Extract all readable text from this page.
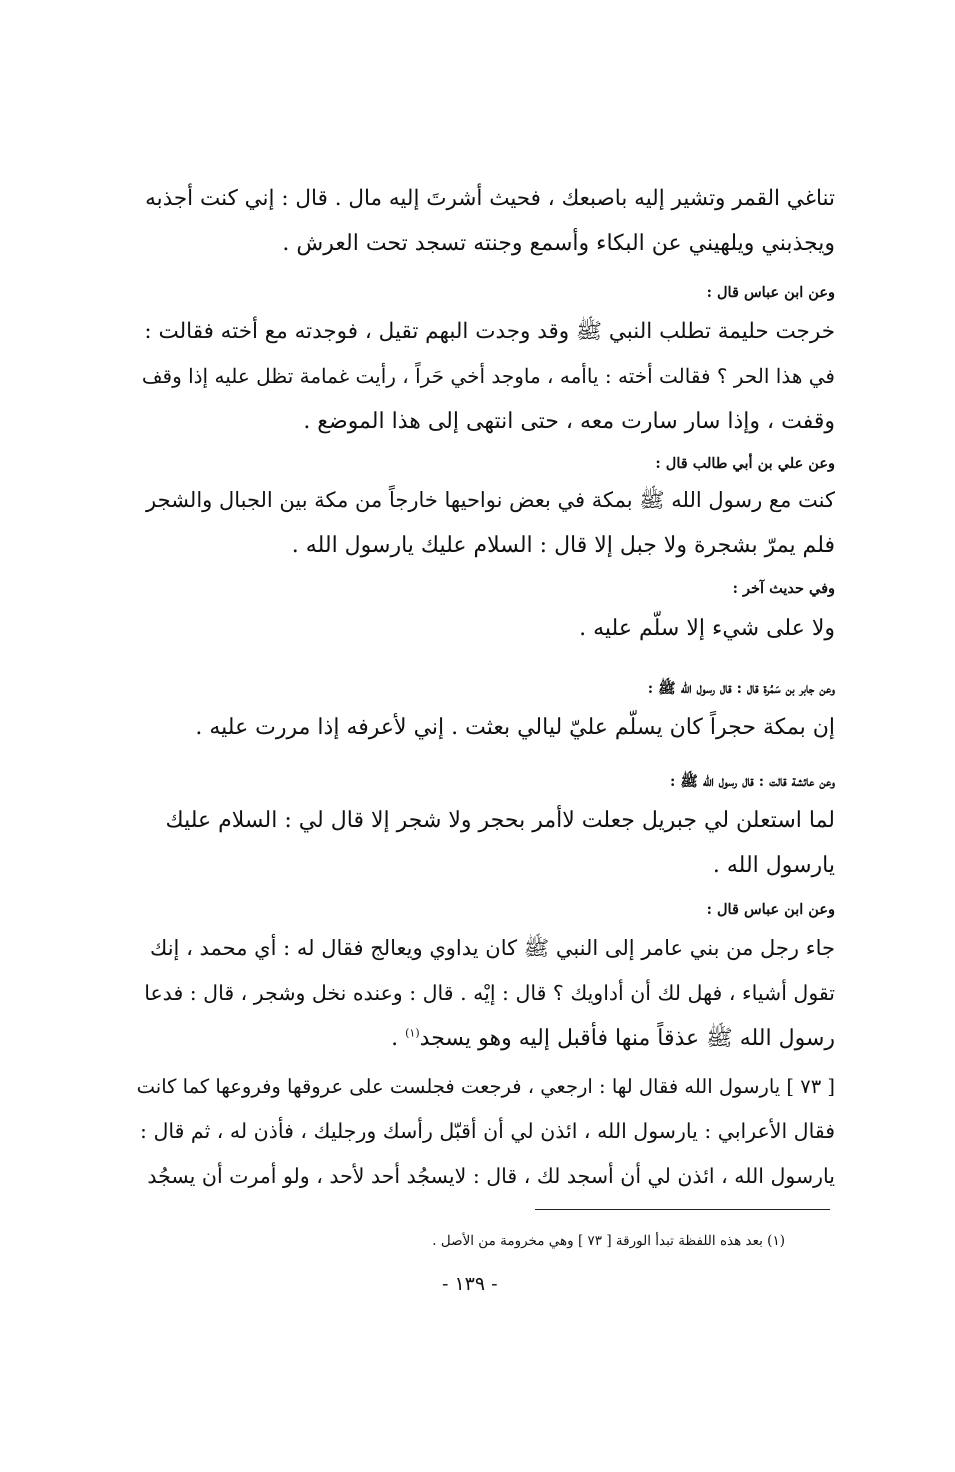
تناغي القمر وتشير إليه باصبعك ، فحيث أشرتَ إليه مال . قال : إني كنت أجذبه
ويجذبني ويلهيني عن البكاء وأسمع وجنته تسجد تحت العرش .
وعن ابن عباس قال :
خرجت حليمة تطلب النبي ﷺ وقد وجدت البهم تقيل ، فوجدته مع أخته فقالت :
في هذا الحر ؟ فقالت أخته : ياأمه ، ماوجد أخي حَراً ، رأيت غمامة تظل عليه إذا وقف
وقفت ، وإذا سار سارت معه ، حتى انتهى إلى هذا الموضع .
وعن علي بن أبي طالب قال :
كنت مع رسول الله ﷺ بمكة في بعض نواحيها خارجاً من مكة بين الجبال والشجر
فلم يمرّ بشجرة ولا جبل إلا قال : السلام عليك يارسول الله .
وفي حديث آخر :
ولا على شيء إلا سلّم عليه .
وعن جابر بن سَمُرة قال : قال رسول الله ﷺ :
إن بمكة حجراً كان يسلّم عليّ ليالي بعثت . إني لأعرفه إذا مررت عليه .
وعن عائشة قالت : قال رسول الله ﷺ :
لما استعلن لي جبريل جعلت لاأمر بحجر ولا شجر إلا قال لي : السلام عليك
يارسول الله .
وعن ابن عباس قال :
جاء رجل من بني عامر إلى النبي ﷺ كان يداوي ويعالج فقال له : أي محمد ، إنك
تقول أشياء ، فهل لك أن أداويك ؟ قال : إيْه . قال : وعنده نخل وشجر ، قال : فدعا
رسول الله ﷺ عذقاً منها فأقبل إليه وهو يسجد$^{(١)}$ .
[ ٧٣ ] يارسول الله فقال لها : ارجعي ، فرجعت فجلست على عروقها وفروعها كما كانت
فقال الأعرابي : يارسول الله ، ائذن لي أن أقبّل رأسك ورجليك ، فأذن له ، ثم قال :
يارسول الله ، ائذن لي أن أسجد لك ، قال : لايسجُد أحد لأحد ، ولو أمرت أن يسجُد
(١) بعد هذه اللفظة تبدأ الورقة [ ٧٣ ] وهي مخرومة من الأصل .
- ١٣٩ -
